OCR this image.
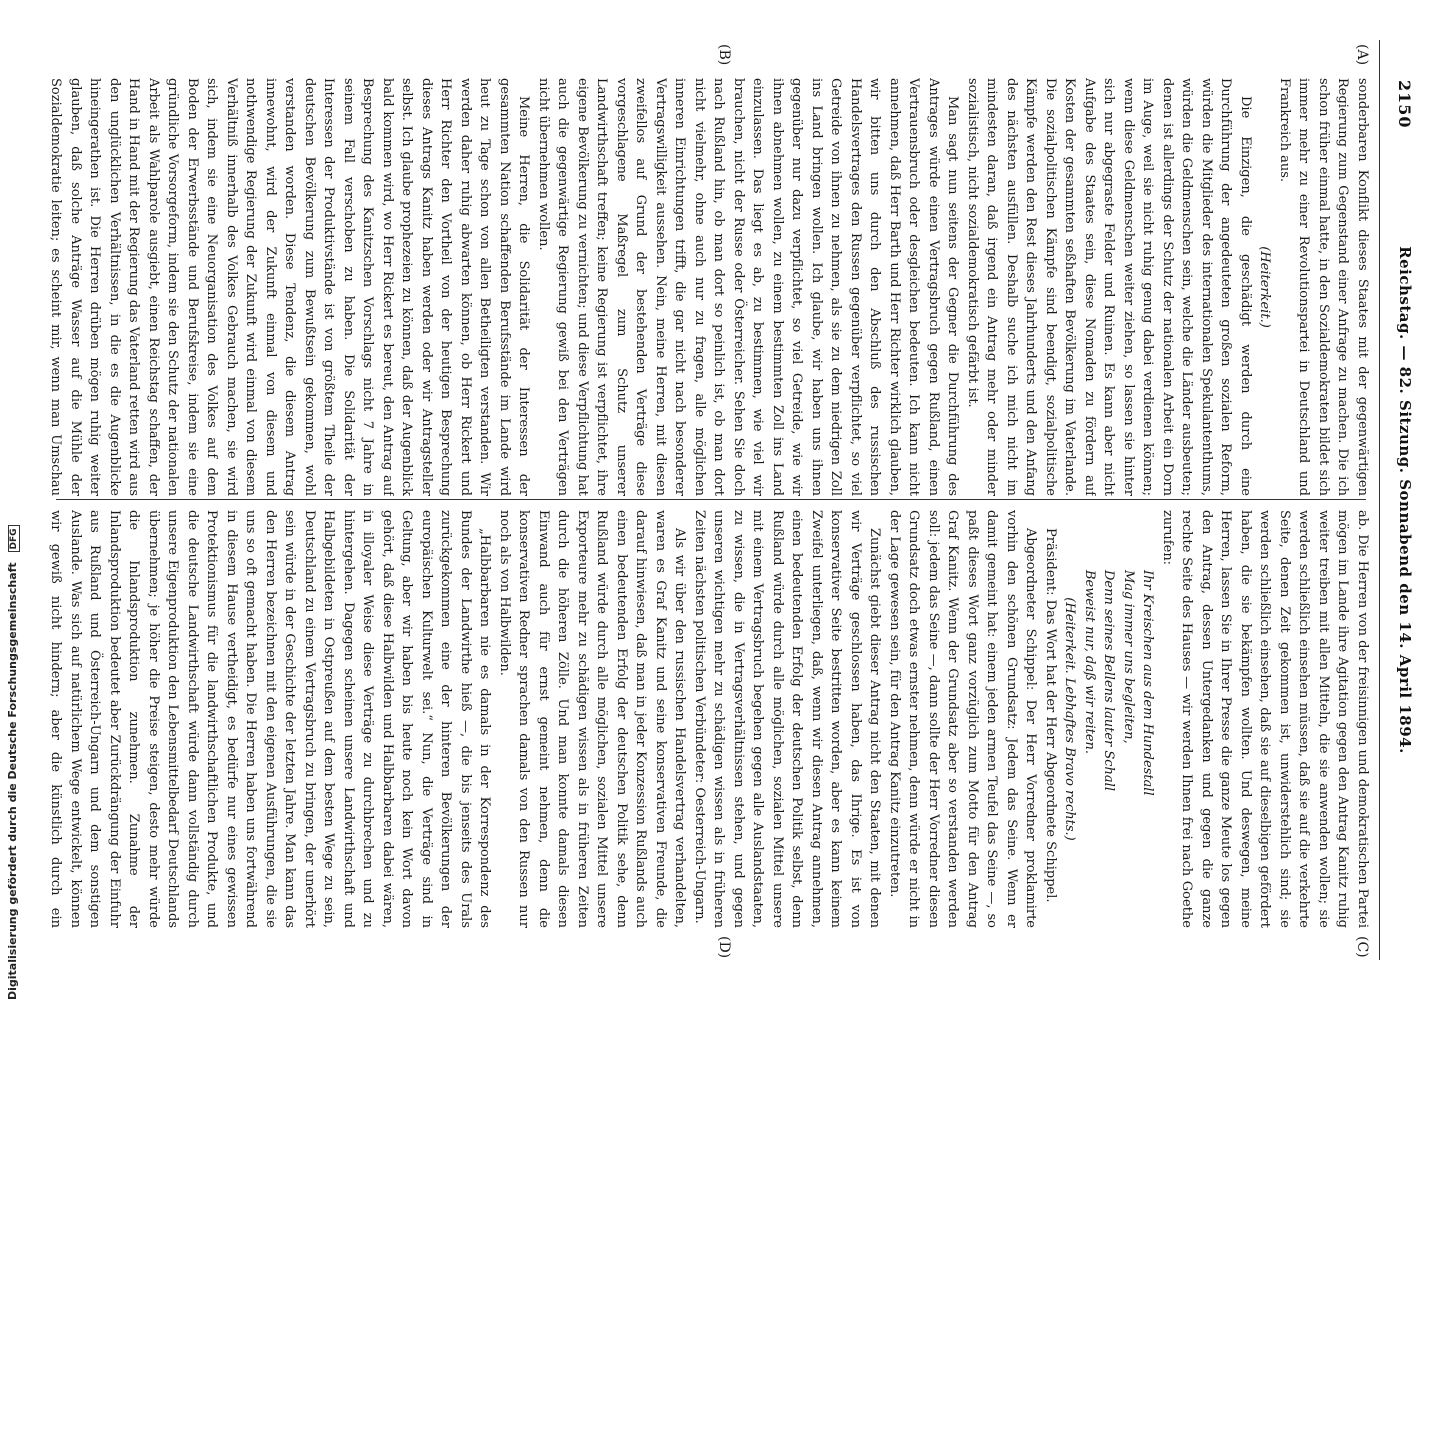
2150
Reichstag. — 82. Sitzung. Sonnabend den 14. April 1894.
(A)
(B)
(C)
(D)

sonderbaren Konflikt dieses Staates mit der gegenwärtigen Regierung zum Gegenstand einer Anfrage zu machen. Die ich schon früher einmal hatte, in den Sozialdemokraten bildet sich immer mehr zu einer Revolutionspartei in Deutschland und Frankreich aus.

(Heiterkeit.)

Die Einzigen, die geschädigt werden durch eine Durchführung der angedeuteten großen sozialen Reform, würden die Mitglieder des internationalen Spekulantenthums, würden die Geldmenschen sein, welche die Länder ausbeuten; denen ist allerdings der Schutz der nationalen Arbeit ein Dorn im Auge, weil sie nicht ruhig genug dabei verdienen können; wenn diese Geldmenschen weiter ziehen, so lassen sie hinter sich nur abgegraste Felder und Ruinen. Es kann aber nicht Aufgabe des Staates sein, diese Nomaden zu fördern auf Kosten der gesammten seßhaften Bevölkerung im Vaterlande. Die sozialpolitischen Kämpfe sind beendigt, sozialpolitische Kämpfe werden den Rest dieses Jahrhunderts und den Anfang des nächsten ausfüllen. Deshalb suche ich mich nicht im mindesten daran, daß irgend ein Antrag mehr oder minder sozialistisch, nicht sozialdemokratisch gefärbt ist.

Man sagt nun seitens der Gegner die Durchführung des Antrages würde einen Vertragsbruch gegen Rußland, einen Vertrauensbruch oder desgleichen bedeuten. Ich kann nicht annehmen, daß Herr Barth und Herr Richter wirklich glauben, wir bitten uns durch den Abschluß des russischen Handelsvertrages den Russen gegenüber verpflichtet, so viel Getreide von ihnen zu nehmen, als sie zu dem niedrigen Zoll ins Land bringen wollen. Ich glaube, wir haben uns ihnen gegenüber nur dazu verpflichtet, so viel Getreide, wie wir ihnen abnehmen wollen, zu einem bestimmten Zoll ins Land einzulassen. Das liegt es ab, zu bestimmen, wie viel wir brauchen, nicht der Russe oder Österreicher. Sehen Sie doch nach Rußland hin, ob man dort so peinlich ist, ob man dort nicht vielmehr, ohne auch nur zu fragen, alle möglichen inneren Einrichtungen trifft, die gar nicht nach besonderer Vertragswilligkeit aussehen. Nein, meine Herren, mit diesen zweifellos auf Grund der bestehenden Verträge diese vorgeschlagene Maßregel zum Schutz unserer Landwirthschaft treffen; keine Regierung ist verpflichtet, ihre eigene Bevölkerung zu vernichten; und diese Verpflichtung hat auch die gegenwärtige Regierung gewiß bei den Verträgen nicht übernehmen wollen.

Meine Herren, die Solidarität der Interessen der gesammten Nation schaffenden Berufsstände im Lande wird heut zu Tage schon von allen Betheiligten verstanden. Wir werden daher ruhig abwarten können, ob Herr Rickert und Herr Richter den Vortheil von der heutigen Besprechung dieses Antrags Kanitz haben werden oder wir Antragsteller selbst. Ich glaube prophezeien zu können, daß der Augenblick bald kommen wird, wo Herr Rickert es bereut, den Antrag auf Besprechung des Kanitzschen Vorschlags nicht 7 Jahre in seinem Fall verschoben zu haben. Die Solidarität der Interessen der Produktivstände ist von größtem Theile der deutschen Bevölkerung zum Bewußtsein gekommen, wohl verstanden worden. Diese Tendenz, die diesem Antrag innewohnt, wird der Zukunft einmal von diesem und nothwendige Regierung der Zukunft wird einmal von diesem Verhältniß innerhalb des Volkes Gebrauch machen, sie wird sich, indem sie eine Neuorganisation des Volkes auf dem Boden der Erwerbsstände und Berufskreise, indem sie eine gründliche Vorsorgeform, indem sie den Schutz der nationalen Arbeit als Wahlparole ausgiebt, einen Reichstag schaffen, der Hand in Hand mit der Regierung das Vaterland retten wird aus den unglücklichen Verhältnissen, in die es die Augenblicke hineingerathen ist. Die Herren drüben mögen ruhig weiter glauben, daß solche Anträge Wasser auf die Mühle der Sozialdemokratie leiten; es scheint mir, wenn man Umschau

ab. Die Herren von der freisinnigen und demokratischen Partei mögen im Lande ihre Agitation gegen den Antrag Kanitz ruhig weiter treiben mit allen Mitteln, die sie anwenden wollen; sie werden schließlich einsehen müssen, daß sie auf die verkehrte Seite, denen Zeit gekommen ist, unwiderstehlich sind; sie werden schließlich einsehen, daß sie auf dieselbigen gefördert haben, die sie bekämpfen wollten. Und deswegen, meine Herren, lassen Sie in Ihrer Presse die ganze Meute los gegen den Antrag, dessen Untergedanken und gegen die ganze rechte Seite des Hauses — wir werden Ihnen frei nach Goethe zurufen:

Ihr Kreischen aus dem Hundestall

Mag immer uns begleiten,

Denn seines Bellens lauter Schall

Beweist nur, daß wir reiten.

(Heiterkeit. Lebhaftes Bravo rechts.)

Präsident: Das Wort hat der Herr Abgeordnete Schippel.

Abgeordneter Schippel: Der Herr Vorredner proklamirte vorhin den schönen Grundsatz: Jedem das Seine. Wenn er damit gemeint hat: einem jeden armen Teufel das Seine —, so paßt dieses Wort ganz vorzüglich zum Motto für den Antrag Graf Kanitz. Wenn der Grundsatz aber so verstanden werden soll: jedem das Seine —, dann sollte der Herr Vorredner diesen Grundsatz doch etwas ernster nehmen, denn würde er nicht in der Lage gewesen sein, für den Antrag Kanitz einzutreten.

Zunächst giebt dieser Antrag nicht den Staaten, mit denen wir Verträge geschlossen haben, das Ihrige. Es ist von konservativer Seite bestritten worden, aber es kann keinem Zweifel unterliegen, daß, wenn wir diesen Antrag annehmen, einen bedeutenden Erfolg der deutschen Politik selbst, denn Rußland würde durch alle möglichen, sozialen Mittel unsere mit einem Vertragsbruch begehen gegen alle Auslandstaaten, zu wissen, die in Vertragsverhältnissen stehen, und gegen unseren wichtigen mehr zu schädigen wissen als in früheren Zeiten nächsten politischen Verbündeter: Oesterreich-Ungarn.

Als wir über den russischen Handelsvertrag verhandelten, waren es Graf Kanitz und seine konservativen Freunde, die darauf hinwiesen, daß man in jeder Konzession Rußlands auch einen bedeutenden Erfolg der deutschen Politik sehe, denn Rußland würde durch alle möglichen, sozialen Mittel unsere Exporteure mehr zu schädigen wissen als in früheren Zeiten durch die höheren Zölle. Und man konnte damals diesen Einwand auch für ernst gemeint nehmen, denn die konservativen Redner sprachen damals von den Russen nur noch als von Halbwilden.

„Halbbarbaren nie es damals in der Korrespondenz des Bundes der Landwirthe hieß —, die bis jenseits des Urals zurückgekommen eine der hinteren Bevölkerungen der europäischen Kulturwelt sei.“ Nun, die Verträge sind in Geltung, aber wir haben bis heute noch kein Wort davon gehört, daß diese Halbwilden und Halbbarbaren dabei wären, in illoyaler Weise diese Verträge zu durchbrechen und zu hintergehen. Dagegen scheinen unsere Landwirthschaft und Halbgebildeten in Ostpreußen auf dem besten Wege zu sein, Deutschland zu einem Vertragsbruch zu bringen, der unerhört sein würde in der Geschichte der letzten Jahre. Man kann das den Herren bezeichnen mit den eigenen Ausführungen, die sie uns so oft gemacht haben. Die Herren haben uns fortwährend in diesem Hause vertheidigt, es bedürfe nur eines gewissen Protektionismus für die landwirthschaftlichen Produkte, und die deutsche Landwirthschaft würde dann vollständig durch unsere Eigenproduktion den Lebensmittelbedarf Deutschlands übernehmen; je höher die Preise steigen, desto mehr würde die Inlandsproduktion zunehmen. Zunahme der Inlandsproduktion bedeutet aber Zurückdrängung der Einfuhr aus Rußland und Österreich-Ungarn und dem sonstigen Auslande. Was sich auf natürlichem Wege entwickelt, können wir gewiß nicht hindern; aber die künstlich durch ein

Digitalisierung gefördert durch die Deutsche Forschungsgemeinschaft DFG
